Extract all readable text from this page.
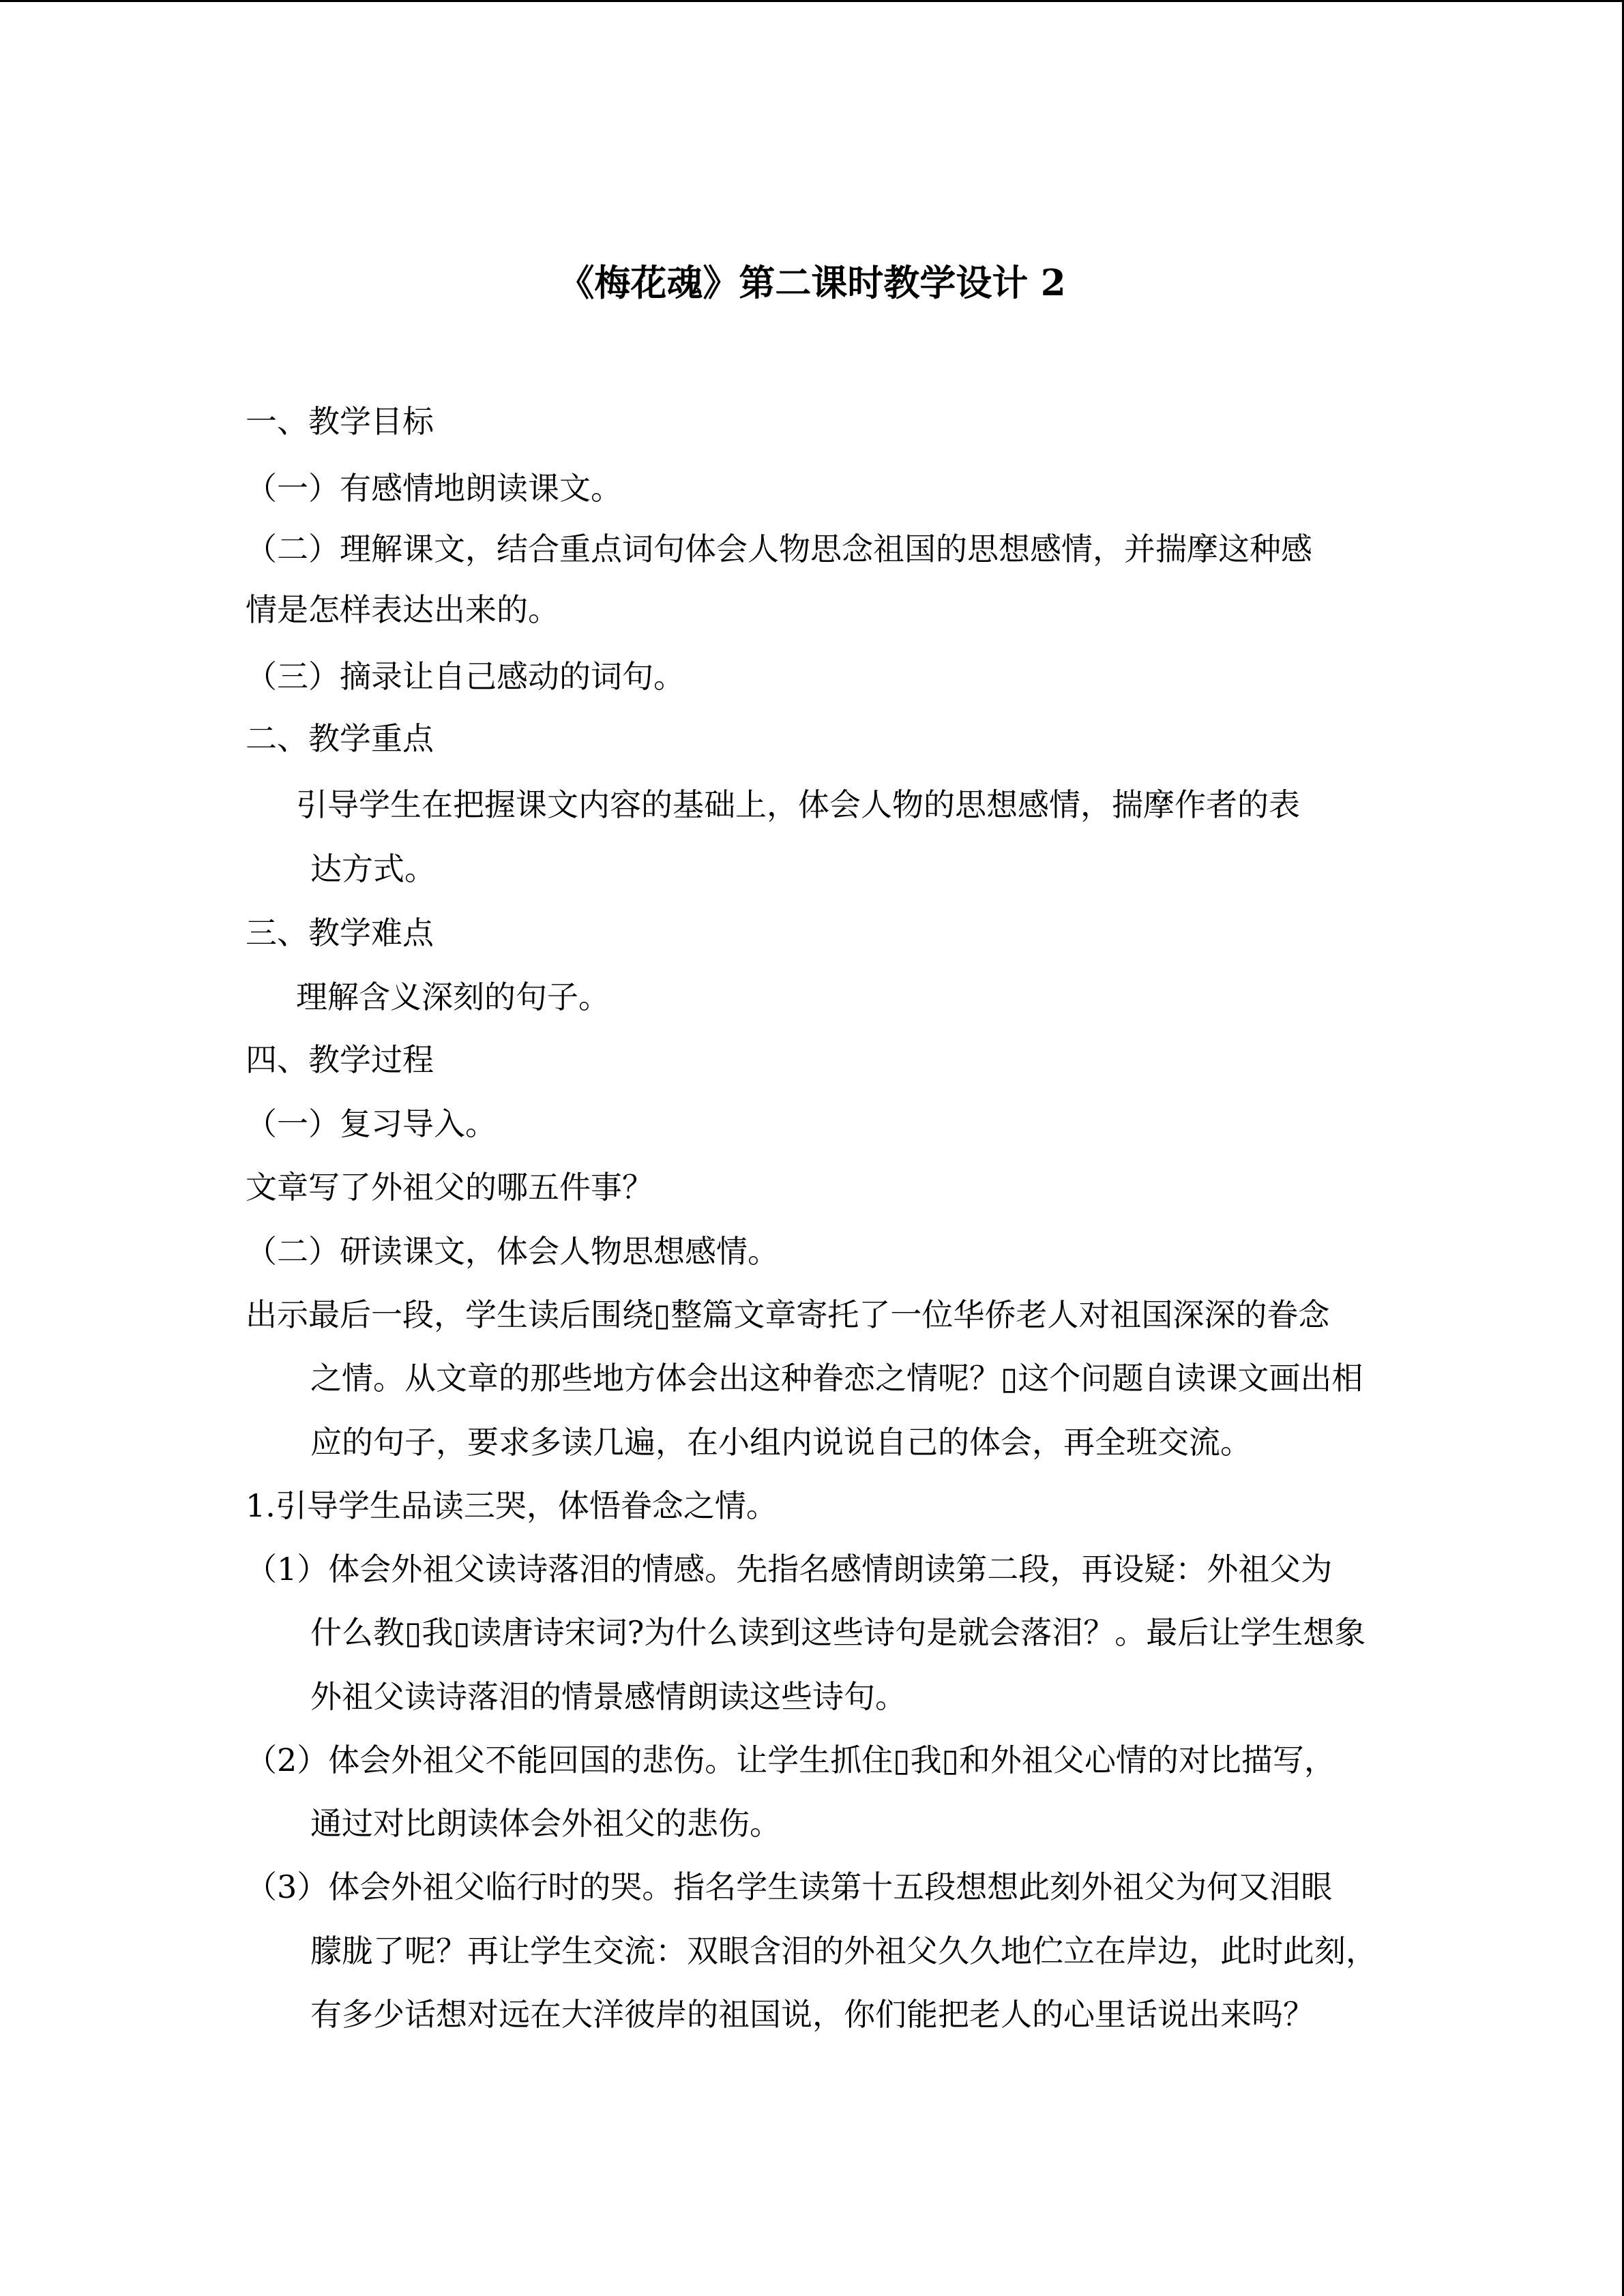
《梅花魂》第二课时教学设计 2

一、教学目标

（一）有感情地朗读课文。

（二）理解课文，结合重点词句体会人物思念祖国的思想感情，并揣摩这种感

情是怎样表达出来的。

（三）摘录让自己感动的词句。

二、教学重点

引导学生在把握课文内容的基础上，体会人物的思想感情，揣摩作者的表

达方式。

三、教学难点

理解含义深刻的句子。

四、教学过程

（一）复习导入。

文章写了外祖父的哪五件事？

（二）研读课文，体会人物思想感情。

出示最后一段，学生读后围绕▯整篇文章寄托了一位华侨老人对祖国深深的眷念

之情。从文章的那些地方体会出这种眷恋之情呢？▯这个问题自读课文画出相

应的句子，要求多读几遍，在小组内说说自己的体会，再全班交流。

1.引导学生品读三哭，体悟眷念之情。

（1）体会外祖父读诗落泪的情感。先指名感情朗读第二段，再设疑：外祖父为

什么教▯我▯读唐诗宋词?为什么读到这些诗句是就会落泪？。最后让学生想象

外祖父读诗落泪的情景感情朗读这些诗句。

（2）体会外祖父不能回国的悲伤。让学生抓住▯我▯和外祖父心情的对比描写，

通过对比朗读体会外祖父的悲伤。

（3）体会外祖父临行时的哭。指名学生读第十五段想想此刻外祖父为何又泪眼

朦胧了呢？再让学生交流：双眼含泪的外祖父久久地伫立在岸边，此时此刻，

有多少话想对远在大洋彼岸的祖国说，你们能把老人的心里话说出来吗？
